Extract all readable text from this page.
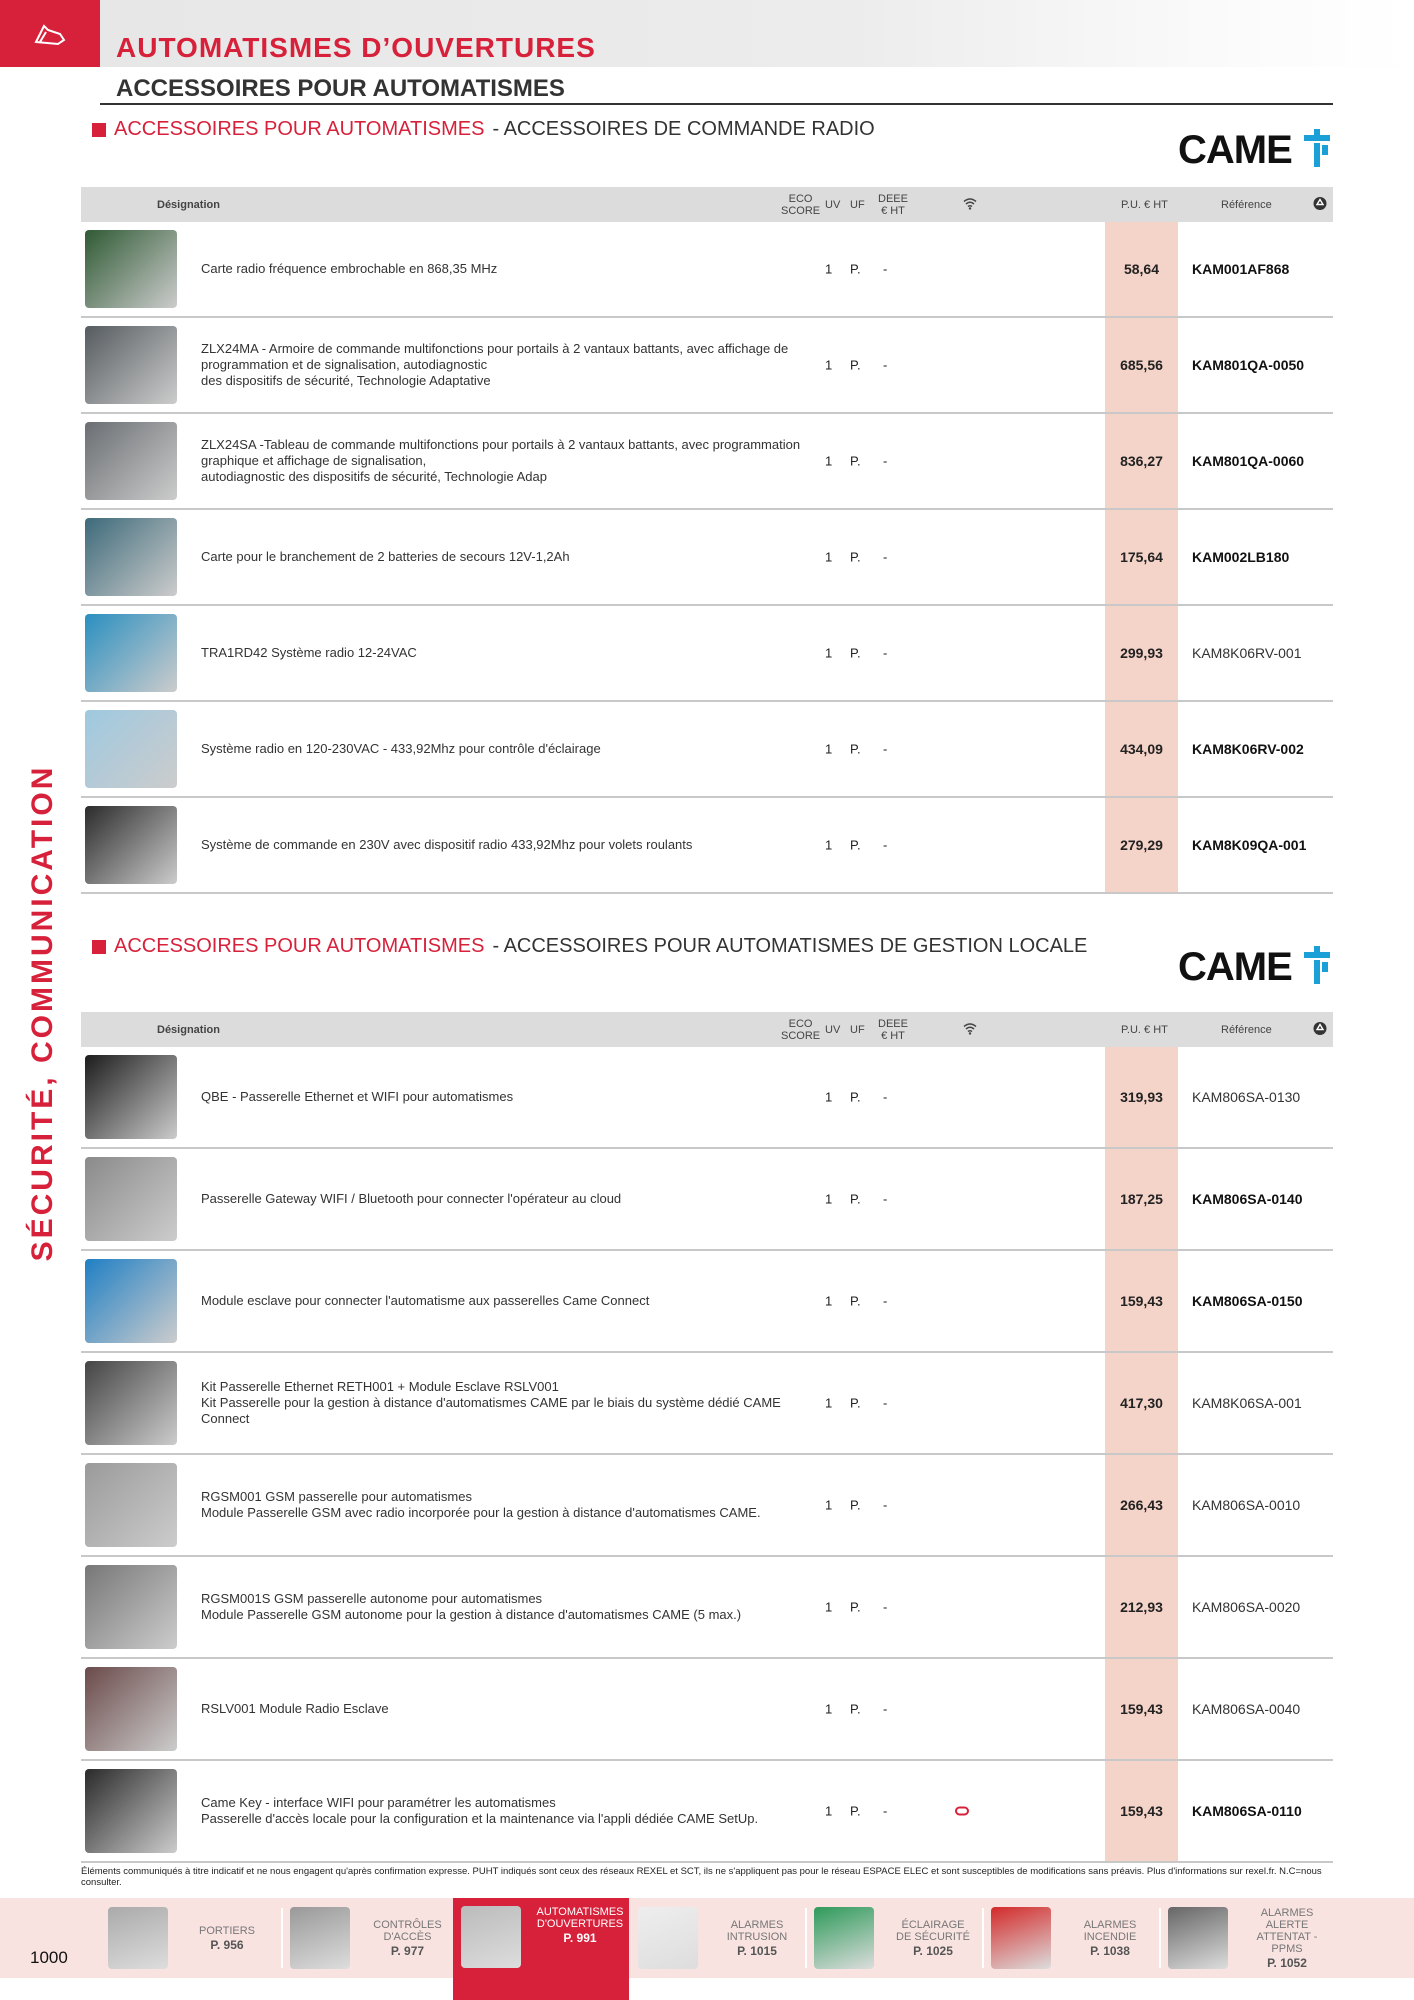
AUTOMATISMES D’OUVERTURES
ACCESSOIRES POUR AUTOMATISMES
SÉCURITÉ, COMMUNICATION
ACCESSOIRES POUR AUTOMATISMES - ACCESSOIRES DE COMMANDE RADIO	CAME
Désignation	ECO
SCORE UV UF DEEE
€ HT	P.U. € HT	Référence
Carte radio fréquence embrochable en 868,35 MHz	1 P. -	58,64	KAM001AF868
ZLX24MA - Armoire de commande multifonctions pour portails à 2 vantaux battants, avec affichage de programmation et de signalisation, autodiagnostic
des dispositifs de sécurité, Technologie Adaptative
1 P. -	685,56	KAM801QA-0050
ZLX24SA -Tableau de commande multifonctions pour portails à 2 vantaux battants, avec programmation graphique et affichage de signalisation,
autodiagnostic des dispositifs de sécurité, Technologie Adap
1 P. -	836,27	KAM801QA-0060
Carte pour le branchement de 2 batteries de secours 12V-1,2Ah	1 P. -	175,64	KAM002LB180
TRA1RD42 Système radio 12-24VAC	1 P. -	299,93	KAM8K06RV-001
Système radio en 120-230VAC - 433,92Mhz pour contrôle d'éclairage	1 P. -	434,09	KAM8K06RV-002
Système de commande en 230V avec dispositif radio 433,92Mhz pour volets roulants	1 P. -	279,29	KAM8K09QA-001
ACCESSOIRES POUR AUTOMATISMES - ACCESSOIRES POUR AUTOMATISMES DE GESTION LOCALE CAME
Désignation	ECO
SCORE UV UF DEEE
€ HT	P.U. € HT	Référence
QBE - Passerelle Ethernet et WIFI pour automatismes	1 P. -	319,93	KAM806SA-0130
Passerelle Gateway WIFI / Bluetooth pour connecter l'opérateur au cloud	1 P. -	187,25	KAM806SA-0140
Module esclave pour connecter l'automatisme aux passerelles Came Connect	1 P. -	159,43	KAM806SA-0150
Kit Passerelle Ethernet RETH001 + Module Esclave RSLV001
Kit Passerelle pour la gestion à distance d'automatismes CAME par le biais du système dédié CAME Connect
1 P. -	417,30	KAM8K06SA-001
RGSM001 GSM passerelle pour automatismes
Module Passerelle GSM avec radio incorporée pour la gestion à distance d'automatismes CAME.	1 P. -	266,43	KAM806SA-0010
RGSM001S GSM passerelle autonome pour automatismes
Module Passerelle GSM autonome pour la gestion à distance d'automatismes CAME (5 max.)	1 P. -	212,93	KAM806SA-0020
RSLV001 Module Radio Esclave	1 P. -	159,43	KAM806SA-0040
Came Key - interface WIFI pour paramétrer les automatismes
Passerelle d'accès locale pour la configuration et la maintenance via l'appli dédiée CAME SetUp.	1 P. -	159,43	KAM806SA-0110
Éléments communiqués à titre indicatif et ne nous engagent qu'après confirmation expresse. PUHT indiqués sont ceux des réseaux REXEL et SCT, ils ne s'appliquent pas pour le réseau ESPACE ELEC et sont susceptibles de modifications sans préavis. Plus d'informations sur rexel.fr. N.C=nous consulter.
PORTIERS
P. 956
CONTRÔLES
D'ACCÈS
P. 977
AUTOMATISMES
D'OUVERTURES
P. 991
ALARMES
INTRUSION
P. 1015
ÉCLAIRAGE
DE SÉCURITÉ
P. 1025
ALARMES
INCENDIE
P. 1038
ALARMES ALERTE
ATTENTAT - PPMS
P. 1052
1000
